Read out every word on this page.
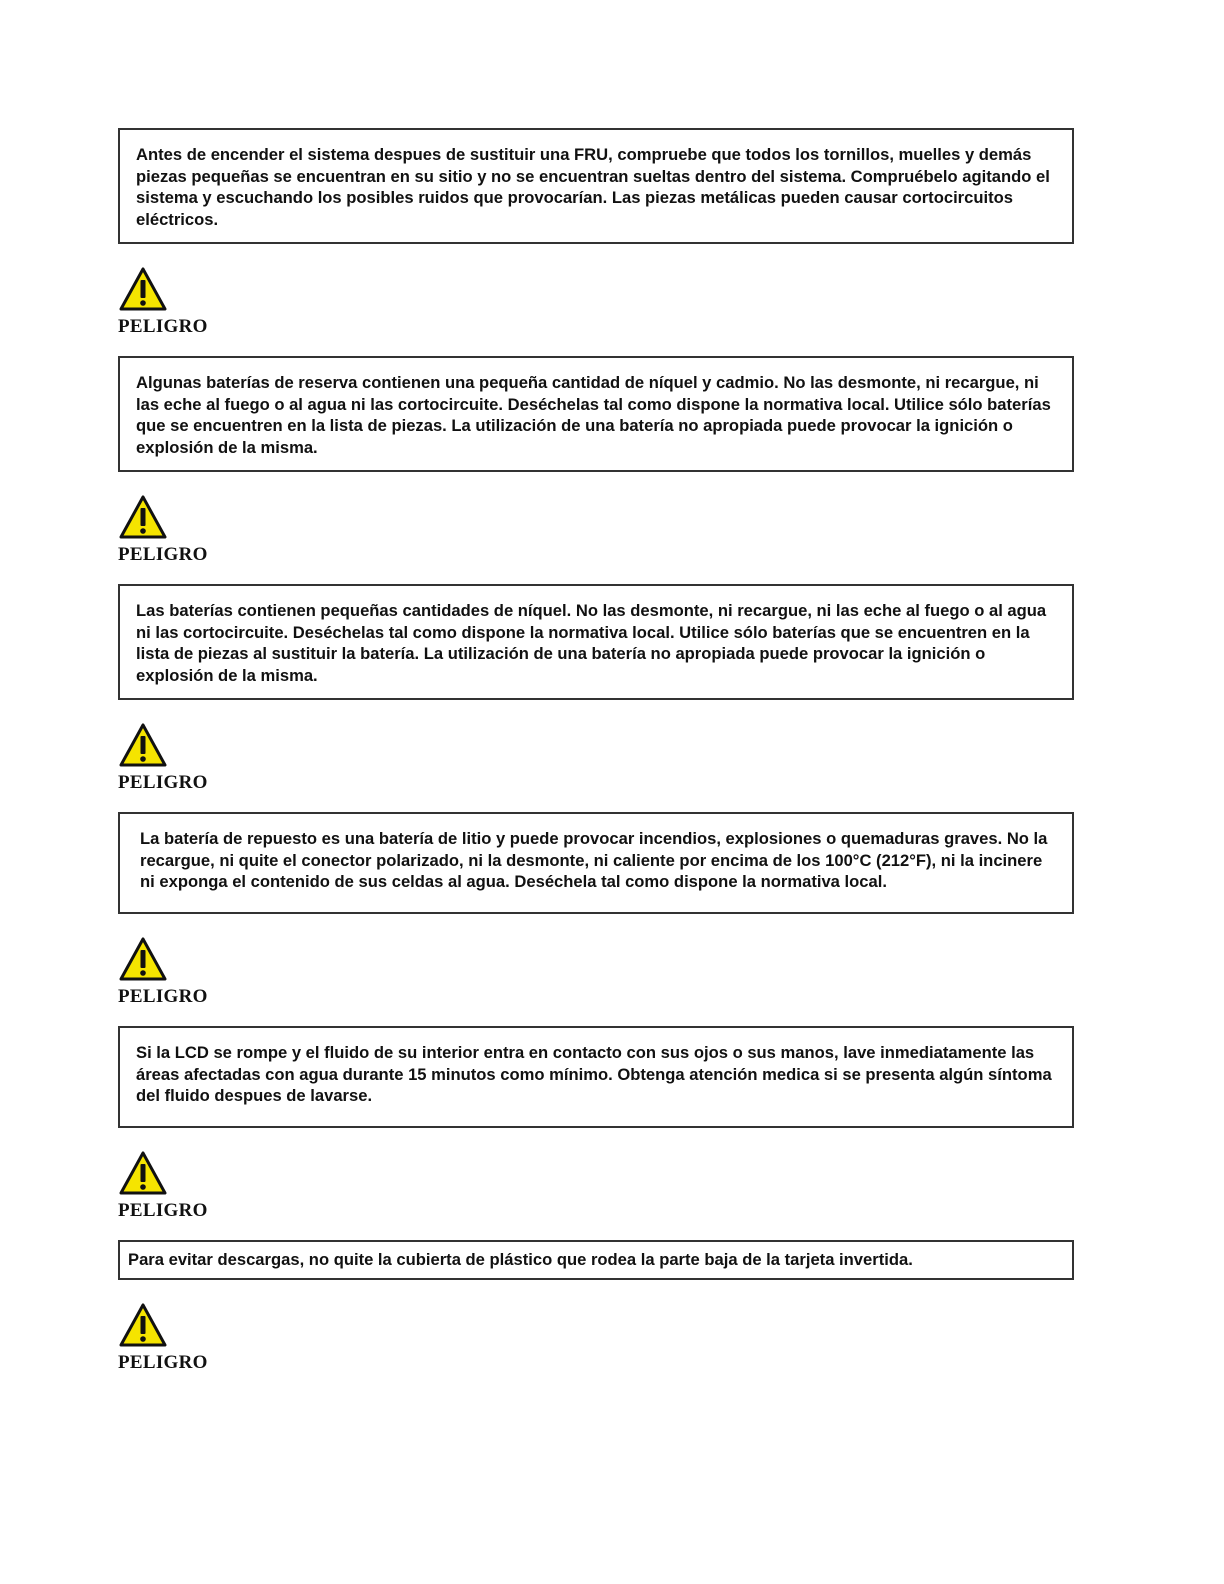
Antes de encender el sistema despues de sustituir una FRU, compruebe que todos los tornillos, muelles y demás piezas pequeñas se encuentran en su sitio y no se encuentran sueltas dentro del sistema. Compruébelo agitando el sistema y escuchando los posibles ruidos que provocarían. Las piezas metálicas pueden causar cortocircuitos eléctricos.
PELIGRO
Algunas baterías de reserva contienen una pequeña cantidad de níquel y cadmio. No las desmonte, ni recargue, ni las eche al fuego o al agua ni las cortocircuite. Deséchelas tal como dispone la normativa local. Utilice sólo baterías que se encuentren en la lista de piezas. La utilización de una batería no apropiada puede provocar la ignición o explosión de la misma.
PELIGRO
Las baterías contienen pequeñas cantidades de níquel. No las desmonte, ni recargue, ni las eche al fuego o al agua ni las cortocircuite. Deséchelas tal como dispone la normativa local. Utilice sólo baterías que se encuentren en la lista de piezas al sustituir la batería. La utilización de una batería no apropiada puede provocar la ignición o explosión de la misma.
PELIGRO
La batería de repuesto es una batería de litio y puede provocar incendios, explosiones o quemaduras graves. No la recargue, ni quite el conector polarizado, ni la desmonte, ni caliente por encima de los 100°C (212°F), ni la incinere ni exponga el contenido de sus celdas al agua. Deséchela tal como dispone la normativa local.
PELIGRO
Si la LCD se rompe y el fluido de su interior entra en contacto con sus ojos o sus manos, lave inmediatamente las áreas afectadas con agua durante 15 minutos como mínimo. Obtenga atención medica si se presenta algún síntoma del fluido despues de lavarse.
PELIGRO
Para evitar descargas, no quite la cubierta de plástico que rodea la parte baja de la tarjeta invertida.
PELIGRO
